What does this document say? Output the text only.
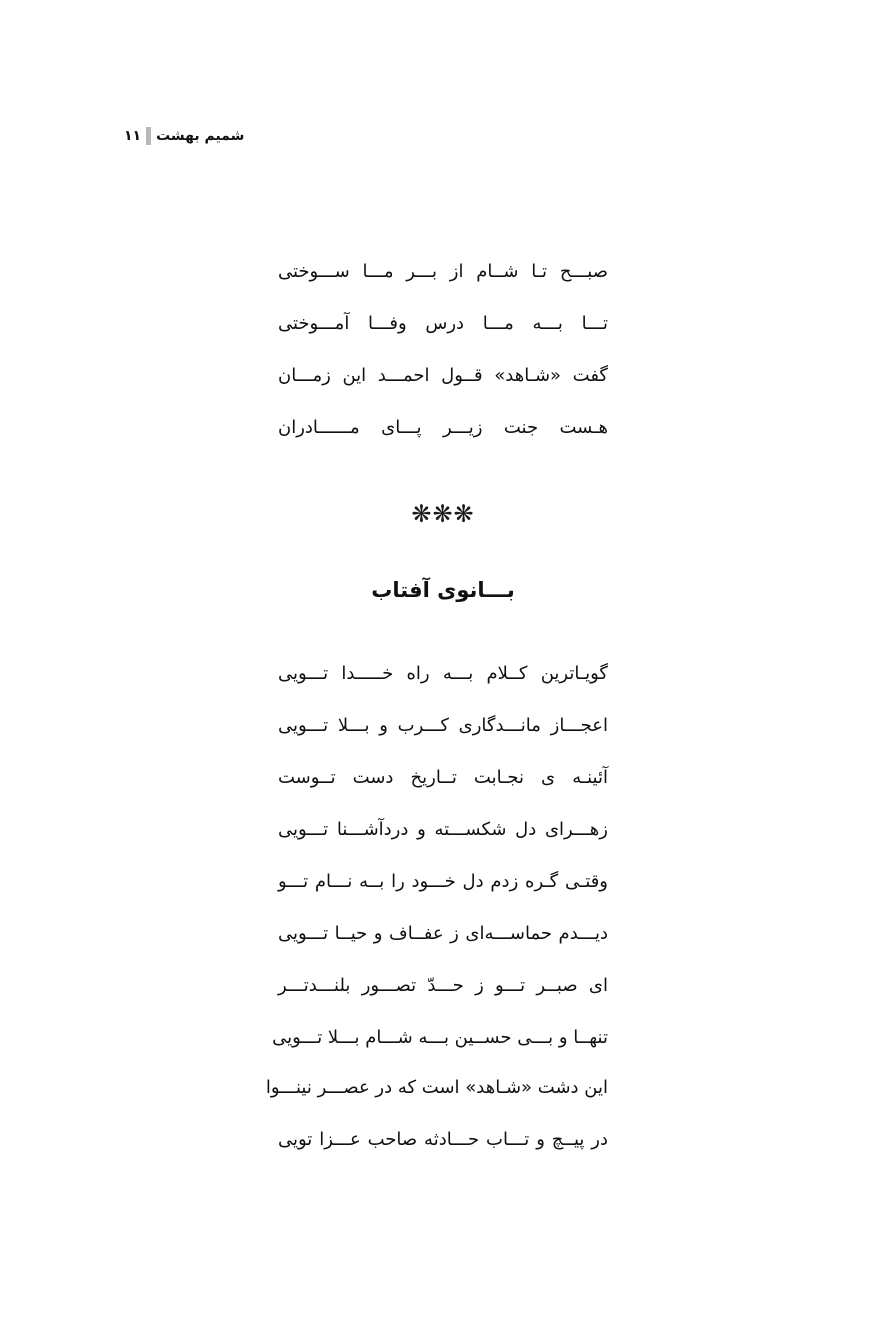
۱۱ شمیم بهشت

صبـــح تـا شــام از بـــر مـــا ســـوختی

تـــا بـــه مـــا درس وفـــا آمـــوختی

گفت «شـاهد» قــول احمـــد این زمـــان

هـست جنت زیـــر پـــای مــــــادران

❋❋❋
بـــانوی آفتاب

گویـاترین کــلام بـــه راه خـــــدا تـــویی

اعجـــاز مانـــدگاری کـــرب و بـــلا تـــویی

آئینـه ی نجـابت تــاریخ دست تــوست

زهـــرای دل شکســـته و دردآشـــنا تـــویی

وقتـی گـره زدم دل خـــود را بــه نـــام تـــو

دیـــدم حماســـه‌ای ز عفــاف و حیــا تـــویی

ای صبــر تـــو ز حـــدّ تصـــور بلنـــدتـــر

تنهــا و بـــی حســین بـــه شـــام بـــلا تـــویی

این دشت «شـاهد» است که در عصـــر نینـــوا

در پیــچ و تـــاب حـــادثه صاحب عـــزا تویی
